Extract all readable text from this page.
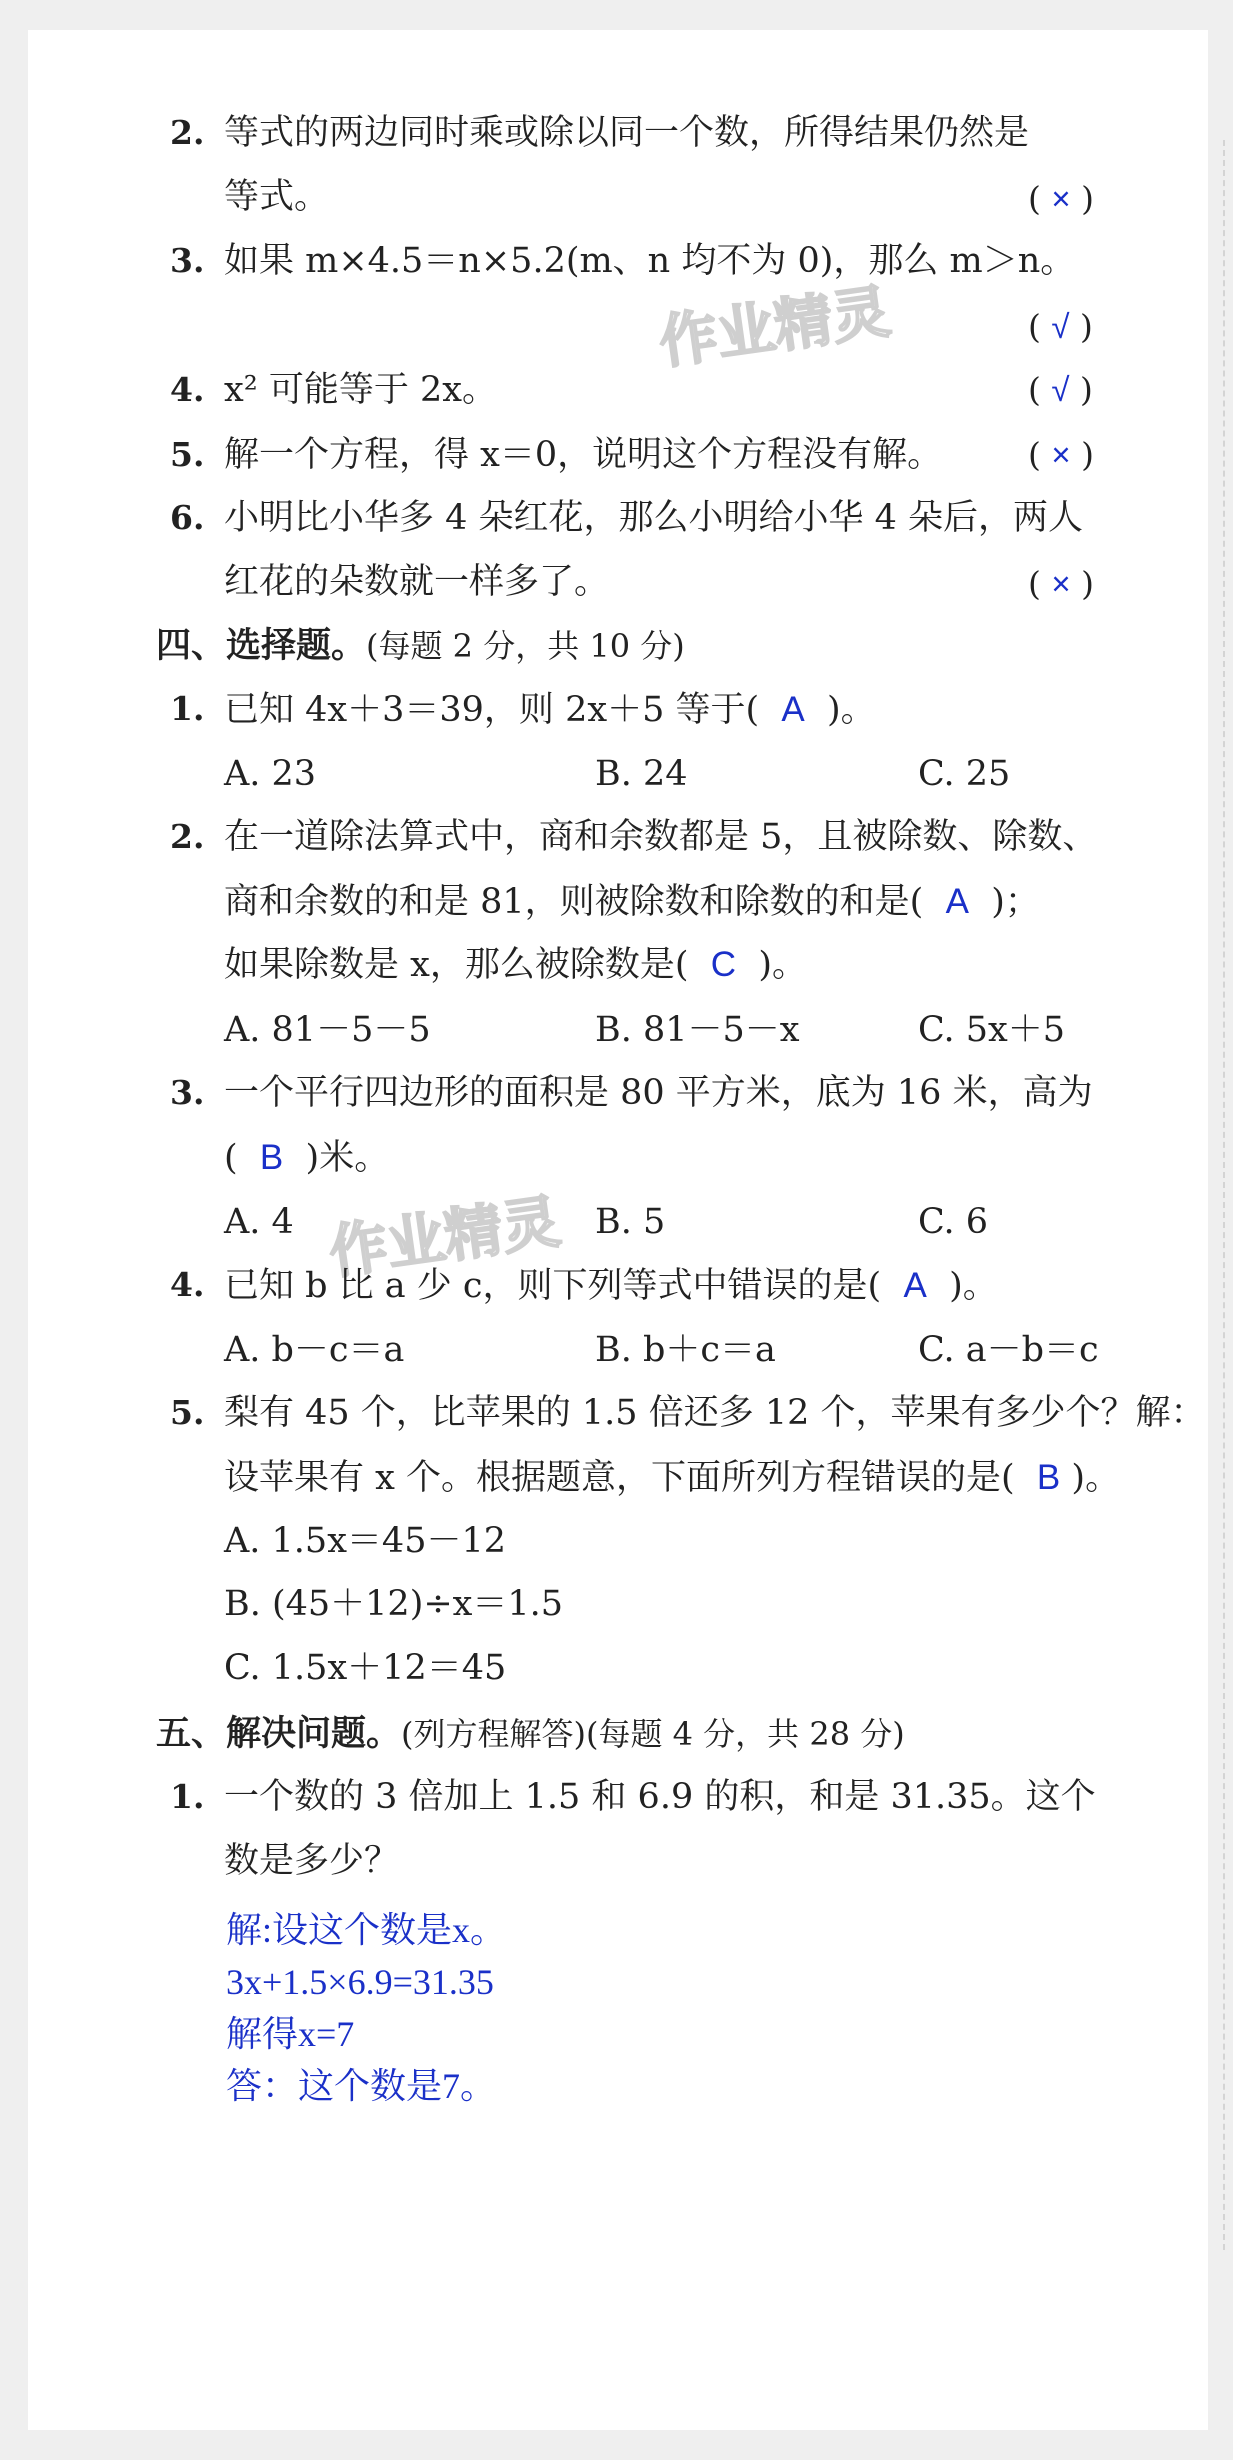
作业精灵
作业精灵
2. 等式的两边同时乘或除以同一个数，所得结果仍然是
等式。	( × )
3. 如果 m×4.5＝n×5.2(m、n 均不为 0)，那么 m＞n。
( √ )
4. x² 可能等于 2x。	( √ )
5. 解一个方程，得 x＝0，说明这个方程没有解。	( × )
6. 小明比小华多 4 朵红花，那么小明给小华 4 朵后，两人
红花的朵数就一样多了。	( × )
四、选择题。(每题 2 分，共 10 分)
1. 已知 4x＋3＝39，则 2x＋5 等于( A )。
A. 23	B. 24	C. 25
2. 在一道除法算式中，商和余数都是 5，且被除数、除数、
商和余数的和是 81，则被除数和除数的和是( A )；
如果除数是 x，那么被除数是( C )。
A. 81－5－5	B. 81－5－x	C. 5x＋5
3. 一个平行四边形的面积是 80 平方米，底为 16 米，高为
( B )米。
A. 4	B. 5	C. 6
4. 已知 b 比 a 少 c，则下列等式中错误的是( A )。
A. b－c＝a	B. b＋c＝a	C. a－b＝c
5. 梨有 45 个，比苹果的 1.5 倍还多 12 个，苹果有多少个？解：
设苹果有 x 个。根据题意，下面所列方程错误的是( B )。
A. 1.5x＝45－12
B. (45＋12)÷x＝1.5
C. 1.5x＋12＝45
五、解决问题。(列方程解答)(每题 4 分，共 28 分)
1. 一个数的 3 倍加上 1.5 和 6.9 的积，和是 31.35。这个
数是多少？
解:设这个数是x。
3x+1.5×6.9=31.35
解得x=7
答：这个数是7。
